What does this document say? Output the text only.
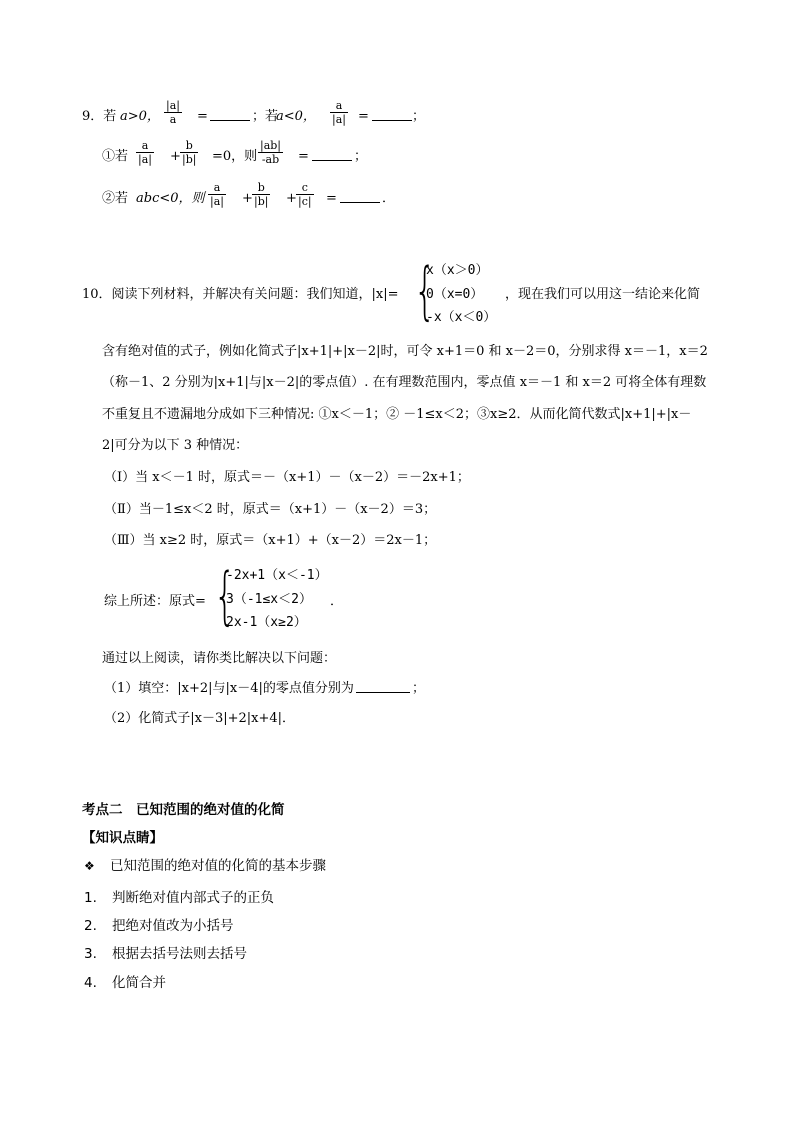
9．若 a>0，
|a|
a	=	；若
a<0，
a
|a| =	；
①若
a
|a| +
b
|b| =0，则
|ab|
-ab =	；
②若 abc<0，则
a
|a| +
b
|b| +
c
|c| =	．
10．阅读下列材料，并解决有关问题：我们知道，|x|= {
x（x＞0）
0（x=0）
-x（x＜0）
，现在我们可以用这一结论来化简
含有绝对值的式子，例如化简式子|x+1|+|x－2|时，可令 x+1＝0 和 x－2＝0，分别求得 x＝－1，x＝2
（称－1、2 分别为|x+1|与|x－2|的零点值）. 在有理数范围内，零点值 x＝－1 和 x＝2 可将全体有理数
不重复且不遗漏地分成如下三种情况: ①x＜－1；② －1≤x＜2；③x≥2．从而化简代数式|x+1|+|x－
2|可分为以下 3 种情况：
（Ⅰ）当 x＜－1 时，原式＝－（x+1）－（x－2）＝－2x+1；
（Ⅱ）当－1≤x＜2 时，原式＝（x+1）－（x－2）＝3；
（Ⅲ）当 x≥2 时，原式＝（x+1）+（x－2）＝2x－1；
综上所述：原式= {
-2x+1（x＜-1）
3（-1≤x＜2）
2x-1（x≥2）
．
通过以上阅读，请你类比解决以下问题：
（1）填空：|x+2|与|x－4|的零点值分别为	；
（2）化简式子|x－3|+2|x+4|．
考点二　已知范围的绝对值的化简
【知识点睛】
❖ 已知范围的绝对值的化简的基本步骤
1. 判断绝对值内部式子的正负
2. 把绝对值改为小括号
3. 根据去括号法则去括号
4. 化简合并
